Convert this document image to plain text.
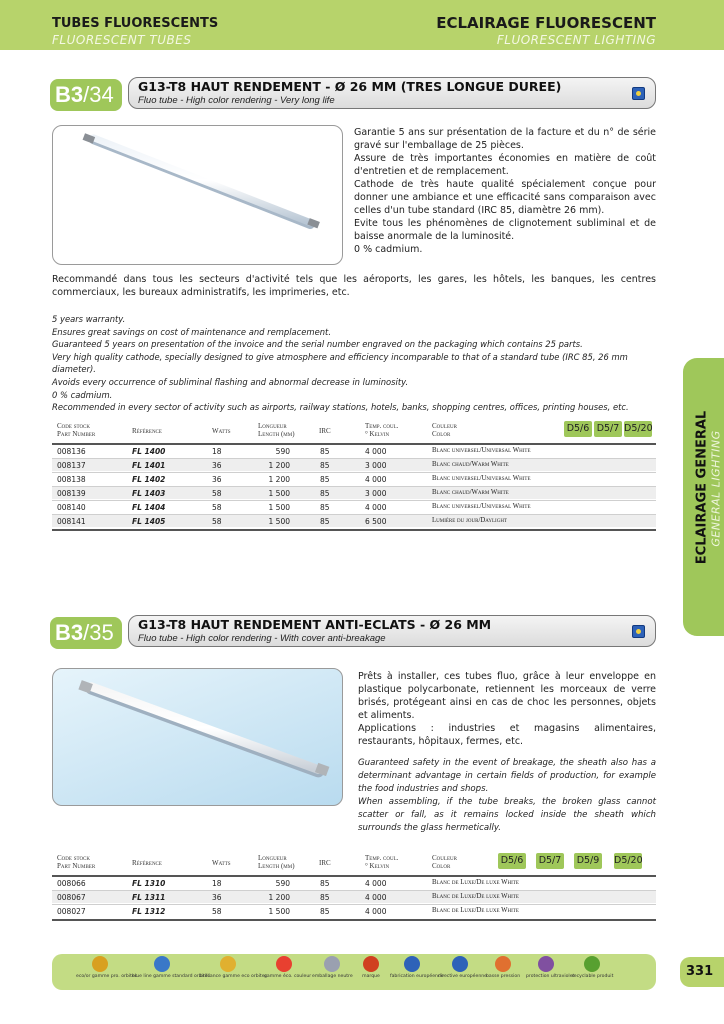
TUBES FLUORESCENTS
FLUORESCENT TUBES
ECLAIRAGE FLUORESCENT
FLUORESCENT LIGHTING
ECLAIRAGE GENERAL GENERAL LIGHTING
B3/34	G13-T8 HAUT RENDEMENT - Ø 26 MM (TRES LONGUE DUREE)
Fluo tube - High color rendering - Very long life
Garantie 5 ans sur présentation de la facture et du n° de série gravé sur l'emballage de 25 pièces.
Assure de très importantes économies en matière de coût d'entretien et de remplacement.
Cathode de très haute qualité spécialement conçue pour donner une ambiance et une efficacité sans comparaison avec celles d'un tube standard (IRC 85, diamètre 26 mm).
Evite tous les phénomènes de clignotement subliminal et de baisse anormale de la luminosité.
0 % cadmium.
Recommandé dans tous les secteurs d'activité tels que les aéroports, les gares, les hôtels, les banques, les centres commerciaux, les bureaux administratifs, les imprimeries, etc.
5 years warranty.
Ensures great savings on cost of maintenance and remplacement.
Guaranteed 5 years on presentation of the invoice and the serial number engraved on the packaging which contains 25 parts.
Very high quality cathode, specially designed to give atmosphere and efficiency incomparable to that of a standard tube (IRC 85, 26 mm diameter).
Avoids every occurrence of subliminal flashing and abnormal decrease in luminosity.
0 % cadmium.
Recommended in every sector of activity such as airports, railway stations, hotels, banks, shopping centres, offices, printing houses, etc.
Code stock
Part Number	Référence	Watts
Longueur
Length (mm)	IRC
Temp. coul.
° Kelvin
Couleur
Color	D5/6 D5/7 D5/20
008136	FL 1400	18	590	85	4 000	Blanc universel/Universal White
008137	FL 1401	36	1 200	85	3 000	Blanc chaud/Warm White
008138	FL 1402	36	1 200	85	4 000	Blanc universel/Universal White
008139	FL 1403	58	1 500	85	3 000	Blanc chaud/Warm White
008140	FL 1404	58	1 500	85	4 000	Blanc universel/Universal White
008141	FL 1405	58	1 500	85	6 500	Lumière du jour/Daylight
B3/35	G13-T8 HAUT RENDEMENT ANTI-ECLATS - Ø 26 MM
Fluo tube - High color rendering - With cover anti-breakage
Prêts à installer, ces tubes fluo, grâce à leur enveloppe en plastique polycarbonate, retiennent les morceaux de verre brisés, protégeant ainsi en cas de choc les personnes, objets et aliments.
Applications : industries et magasins alimentaires, restaurants, hôpitaux, fermes, etc.
Guaranteed safety in the event of breakage, the sheath also has a determinant advantage in certain fields of production, for example the food industries and shops.
When assembling, if the tube breaks, the broken glass cannot scatter or fall, as it remains locked inside the sheath which surrounds the glass hermetically.
Code stock
Part Number	Référence	Watts
Longueur
Length (mm)	IRC
Temp. coul.
° Kelvin
Couleur
Color	D5/6 D5/7 D5/9 D5/20
008066	FL 1310	18	590	85	4 000	Blanc de Luxe/De luxe White
008067	FL 1311	36	1 200	85	4 000	Blanc de Luxe/De luxe White
008027	FL 1312	58	1 500	85	4 000	Blanc de Luxe/De luxe White
eco/or gamme pro. orbitec
blue line gamme standard orbitec
brilliance gamme eco orbitec
gamme éco. couleur emballage neutre	marque	fabrication européenne
directive européenne basse pression protection ultraviolet
recyclable produit	331
